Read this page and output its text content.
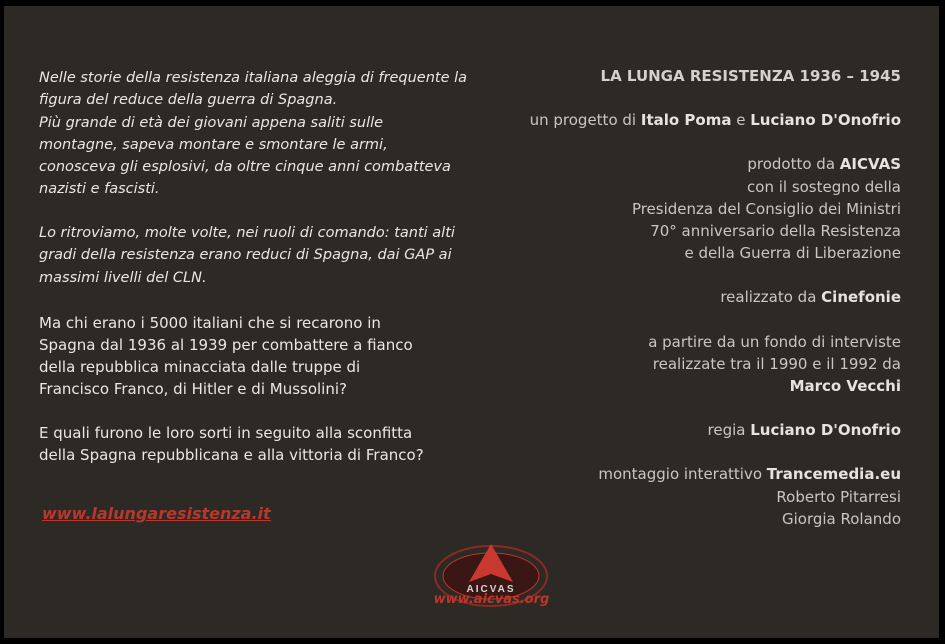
Nelle storie della resistenza italiana aleggia di frequente la

figura del reduce della guerra di Spagna.

Più grande di età dei giovani appena saliti sulle

montagne, sapeva montare e smontare le armi,

conosceva gli esplosivi, da oltre cinque anni combatteva

nazisti e fascisti.

Lo ritroviamo, molte volte, nei ruoli di comando: tanti alti

gradi della resistenza erano reduci di Spagna, dai GAP ai

massimi livelli del CLN.

Ma chi erano i 5000 italiani che si recarono in

Spagna dal 1936 al 1939 per combattere a fianco

della repubblica minacciata dalle truppe di

Francisco Franco, di Hitler e di Mussolini?

E quali furono le loro sorti in seguito alla sconfitta

della Spagna repubblicana e alla vittoria di Franco?

www.lalungaresistenza.it

LA LUNGA RESISTENZA 1936 – 1945

un progetto di Italo Poma e Luciano D'Onofrio

prodotto da AICVAS

con il sostegno della

Presidenza del Consiglio dei Ministri

70° anniversario della Resistenza

e della Guerra di Liberazione

realizzato da Cinefonie

a partire da un fondo di interviste

realizzate tra il 1990 e il 1992 da

Marco Vecchi

regia Luciano D'Onofrio

montaggio interattivo Trancemedia.eu

Roberto Pitarresi

Giorgia Rolando

AICVAS
www.aicvas.org
